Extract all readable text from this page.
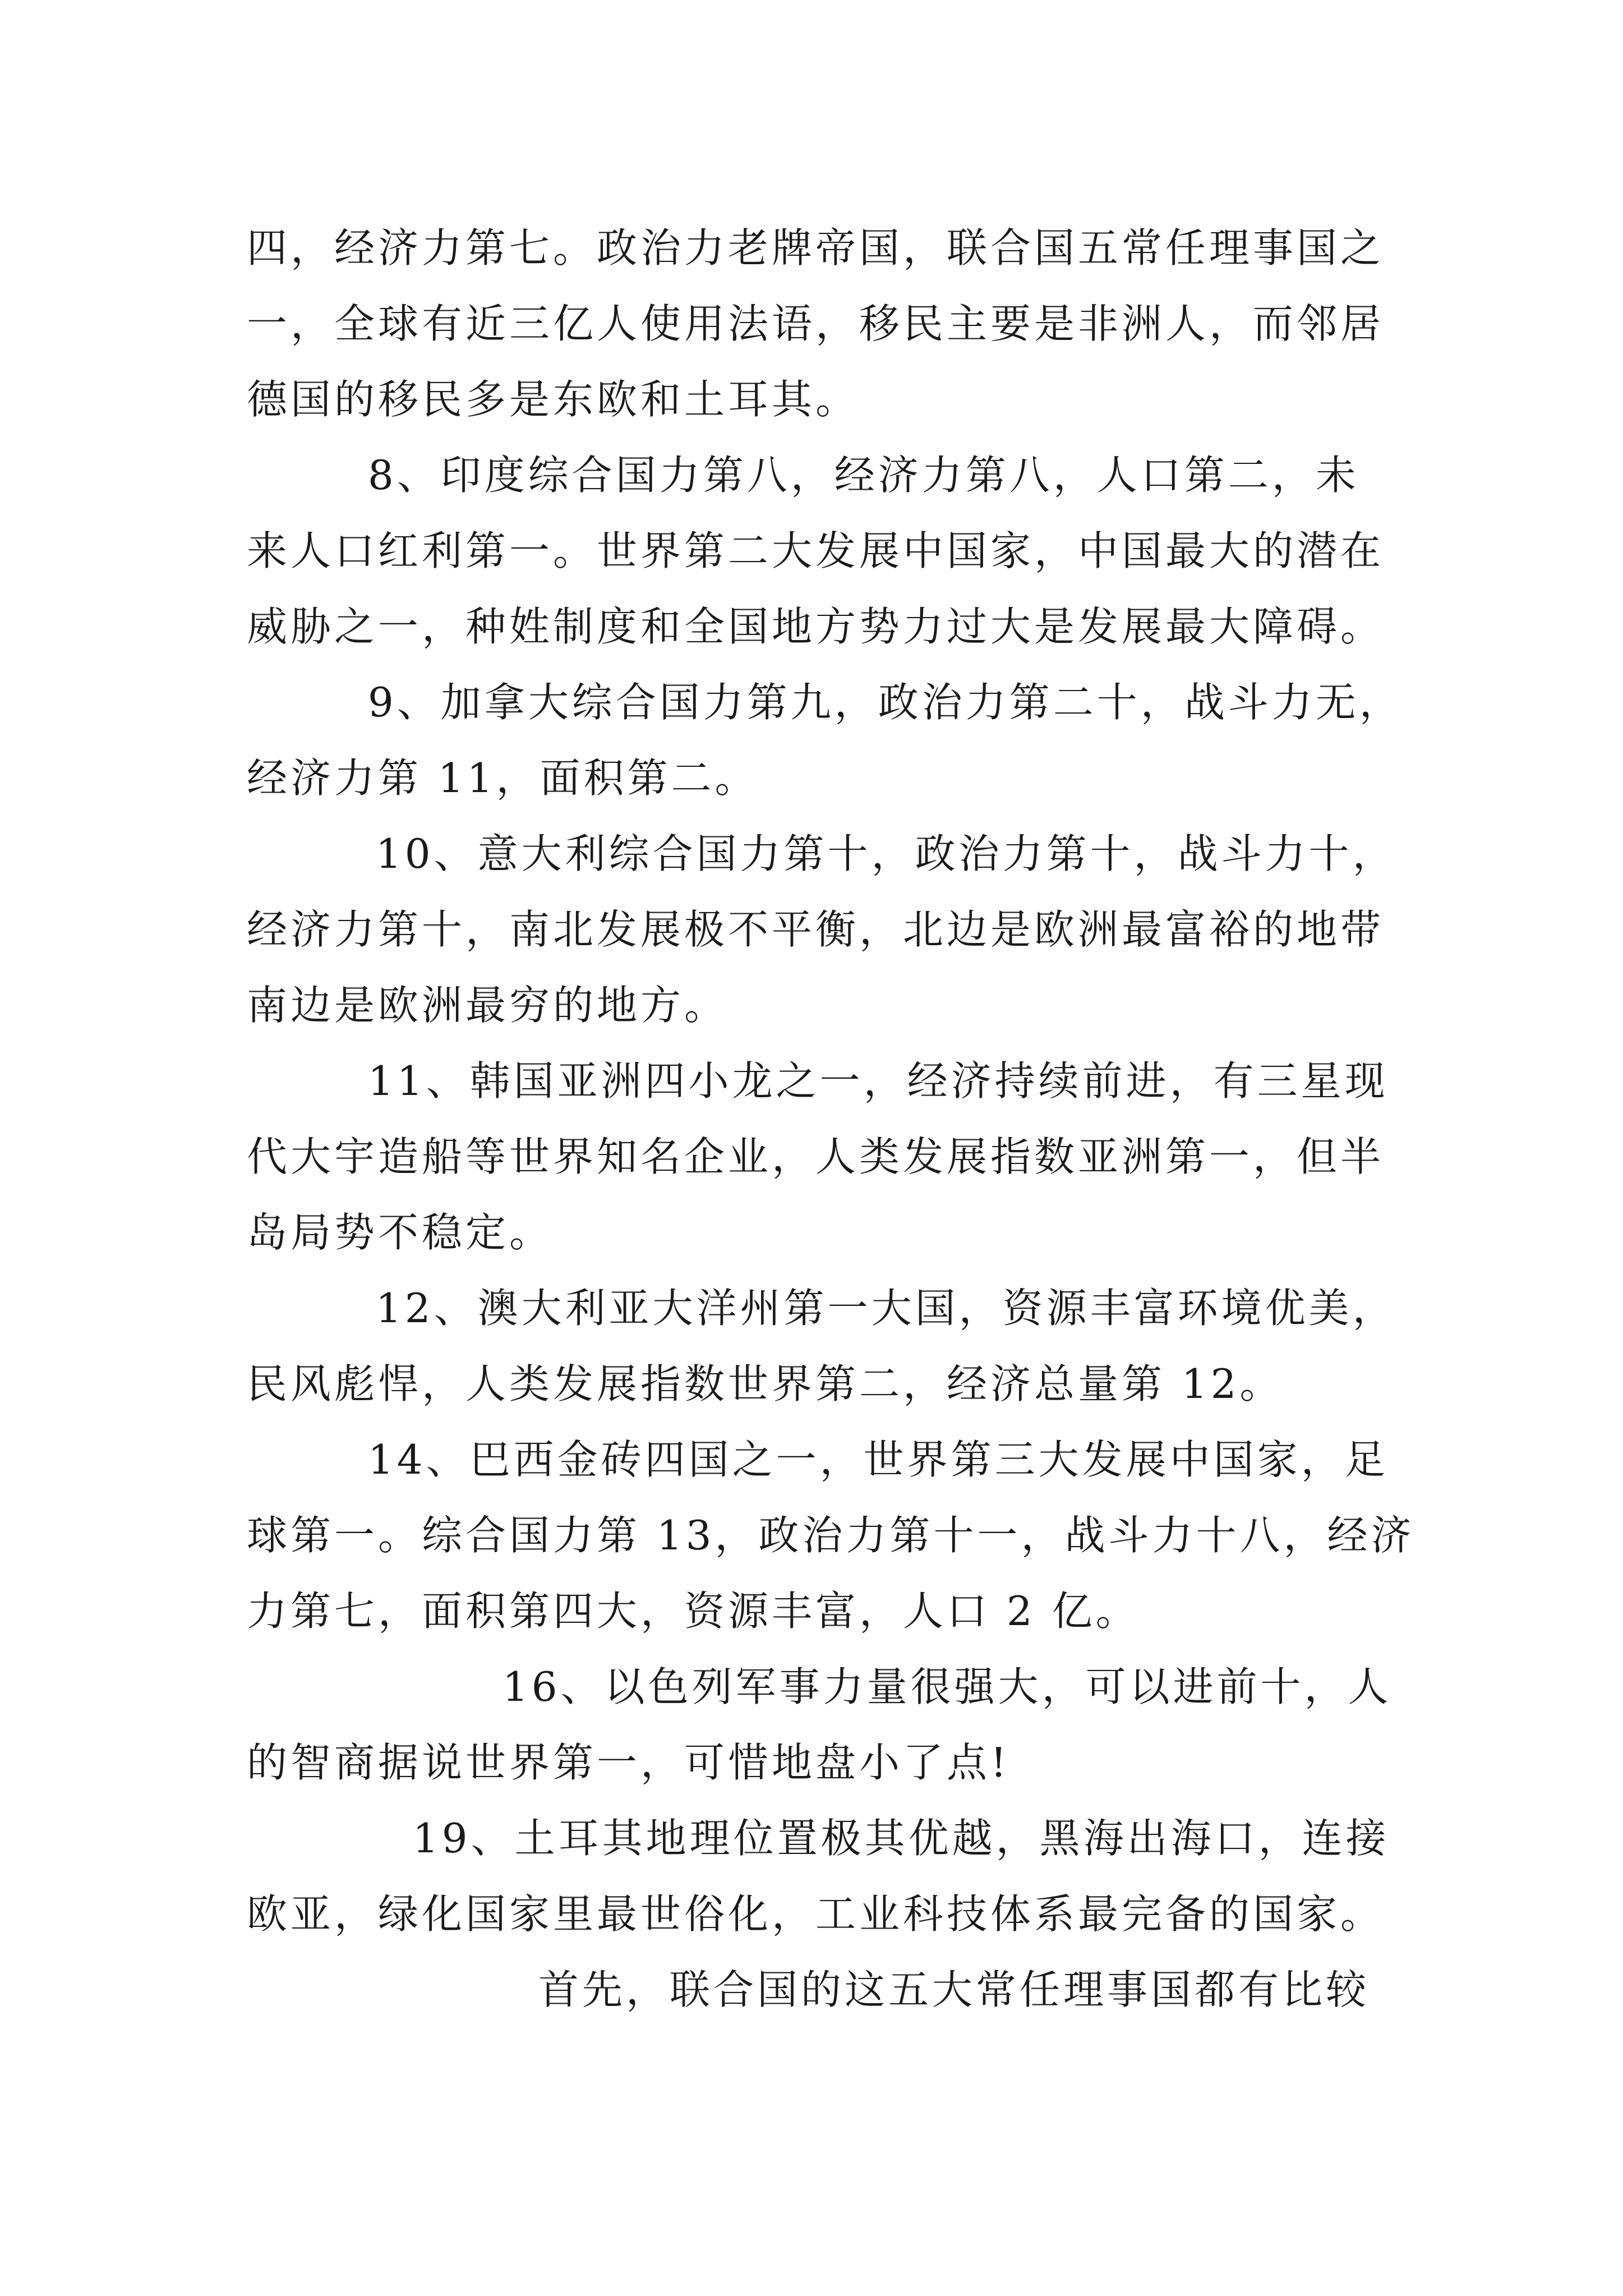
四，经济力第七。政治力老牌帝国，联合国五常任理事国之
一，全球有近三亿人使用法语，移民主要是非洲人，而邻居
德国的移民多是东欧和土耳其。

8、印度综合国力第八，经济力第八，人口第二，未
来人口红利第一。世界第二大发展中国家，中国最大的潜在
威胁之一，种姓制度和全国地方势力过大是发展最大障碍。

9、加拿大综合国力第九，政治力第二十，战斗力无，
经济力第 11，面积第二。

10、意大利综合国力第十，政治力第十，战斗力十，
经济力第十，南北发展极不平衡，北边是欧洲最富裕的地带
南边是欧洲最穷的地方。

11、韩国亚洲四小龙之一，经济持续前进，有三星现
代大宇造船等世界知名企业，人类发展指数亚洲第一，但半
岛局势不稳定。

12、澳大利亚大洋州第一大国，资源丰富环境优美，
民风彪悍，人类发展指数世界第二，经济总量第 12。

14、巴西金砖四国之一，世界第三大发展中国家，足
球第一。综合国力第 13，政治力第十一，战斗力十八，经济
力第七，面积第四大，资源丰富，人口 2 亿。

16、以色列军事力量很强大，可以进前十，人
的智商据说世界第一，可惜地盘小了点!

19、土耳其地理位置极其优越，黑海出海口，连接
欧亚，绿化国家里最世俗化，工业科技体系最完备的国家。

首先，联合国的这五大常任理事国都有比较
